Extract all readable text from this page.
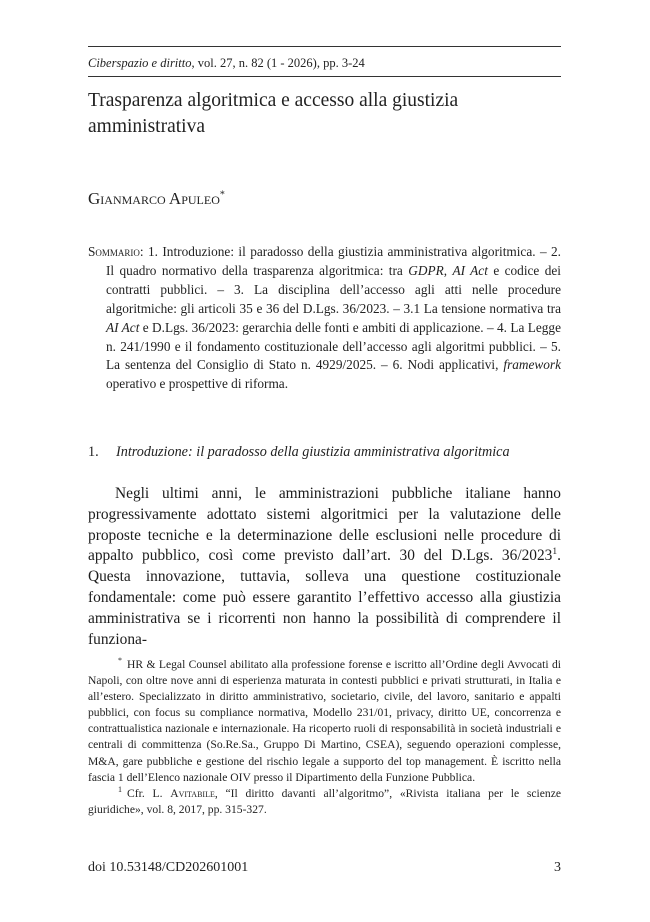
Ciberspazio e diritto, vol. 27, n. 82 (1 - 2026), pp. 3-24
Trasparenza algoritmica e accesso alla giustizia amministrativa
Gianmarco Apuleo*
Sommario: 1. Introduzione: il paradosso della giustizia amministrativa algoritmica. – 2. Il quadro normativo della trasparenza algoritmica: tra GDPR, AI Act e codice dei contratti pubblici. – 3. La disciplina dell’accesso agli atti nelle procedure algoritmiche: gli articoli 35 e 36 del D.Lgs. 36/2023. – 3.1 La tensione normativa tra AI Act e D.Lgs. 36/2023: gerarchia delle fonti e ambiti di applicazione. – 4. La Legge n. 241/1990 e il fondamento costituzionale dell’accesso agli algoritmi pubblici. – 5. La sentenza del Consiglio di Stato n. 4929/2025. – 6. Nodi applicativi, framework operativo e prospettive di riforma.
1. Introduzione: il paradosso della giustizia amministrativa algoritmica

Negli ultimi anni, le amministrazioni pubbliche italiane hanno progressivamente adottato sistemi algoritmici per la valutazione delle proposte tecniche e la determinazione delle esclusioni nelle procedure di appalto pubblico, così come previsto dall’art. 30 del D.Lgs. 36/2023$^1$. Questa innovazione, tuttavia, solleva una questione costituzionale fondamentale: come può essere garantito l’effettivo accesso alla giustizia amministrativa se i ricorrenti non hanno la possibilità di comprendere il funziona-

* HR & Legal Counsel abilitato alla professione forense e iscritto all’Ordine degli Avvocati di Napoli, con oltre nove anni di esperienza maturata in contesti pubblici e privati strutturati, in Italia e all’estero. Specializzato in diritto amministrativo, societario, civile, del lavoro, sanitario e appalti pubblici, con focus su compliance normativa, Modello 231/01, privacy, diritto UE, concorrenza e contrattualistica nazionale e internazionale. Ha ricoperto ruoli di responsabilità in società industriali e centrali di committenza (So.Re.Sa., Gruppo Di Martino, CSEA), seguendo operazioni complesse, M&A, gare pubbliche e gestione del rischio legale a supporto del top management. È iscritto nella fascia 1 dell’Elenco nazionale OIV presso il Dipartimento della Funzione Pubblica.

$^1$ Cfr. L. Avitabile, “Il diritto davanti all’algoritmo”, «Rivista italiana per le scienze giuridiche», vol. 8, 2017, pp. 315-327.

doi 10.53148/CD202601001	3
